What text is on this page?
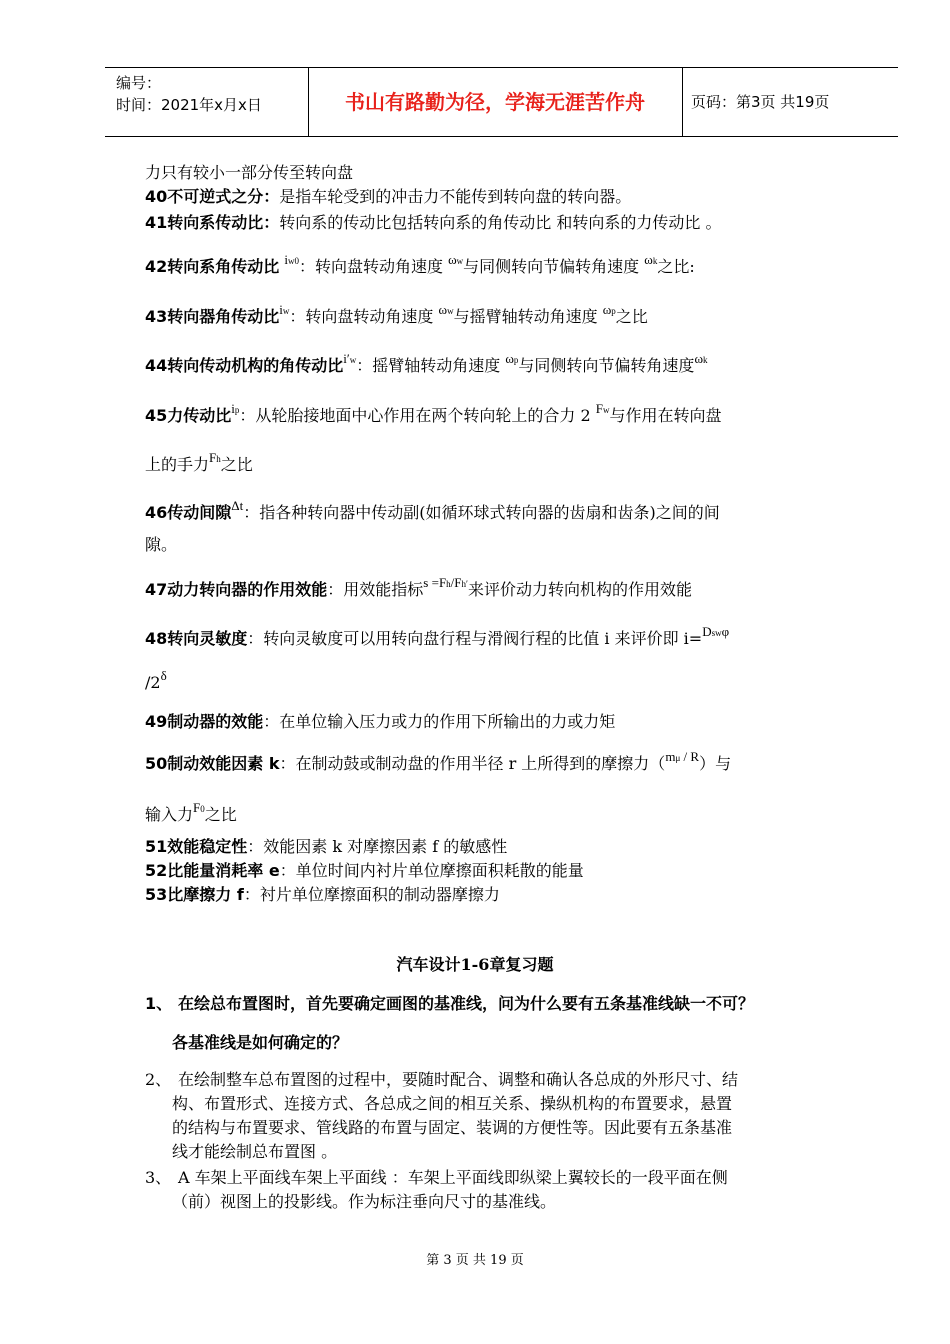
编号：
时间：2021年x月x日	书山有路勤为径，学海无涯苦作舟	页码：第3页 共19页
力只有较小一部分传至转向盘
40不可逆式之分：是指车轮受到的冲击力不能传到转向盘的转向器。
41转向系传动比：转向系的传动比包括转向系的角传动比 和转向系的力传动比 。
42转向系角传动比 $^{iw0}$：转向盘转动角速度 $^{\omega w}$与同侧转向节偏转角速度 $^{\omega k}$之比:
43转向器角传动比$^{iw}$：转向盘转动角速度 $^{\omega w}$与摇臂轴转动角速度 $^{\omega p}$之比
44转向传动机构的角传动比$^{i'w}$：摇臂轴转动角速度 $^{\omega p}$与同侧转向节偏转角速度$^{\omega k}$
45力传动比$^{ip}$：从轮胎接地面中心作用在两个转向轮上的合力 2 $^{Fw}$与作用在转向盘
上的手力$^{Fh}$之比
46传动间隙$^{\Delta t}$：指各种转向器中传动副(如循环球式转向器的齿扇和齿条)之间的间
隙。
47动力转向器的作用效能：用效能指标$^{s =Fh/Fh'}$来评价动力转向机构的作用效能
48转向灵敏度：转向灵敏度可以用转向盘行程与滑阀行程的比值 i 来评价即 i=$^{Dsw\varphi}$
$/2^\delta$
49制动器的效能：在单位输入压力或力的作用下所输出的力或力矩
50制动效能因素 k：在制动鼓或制动盘的作用半径 r 上所得到的摩擦力（$^{m\mu / R}$）与
输入力$^{F0}$之比
51效能稳定性：效能因素 k 对摩擦因素 f 的敏感性
52比能量消耗率 e：单位时间内衬片单位摩擦面积耗散的能量
53比摩擦力 f：衬片单位摩擦面积的制动器摩擦力
汽车设计1-6章复习题
1、 在绘总布置图时，首先要确定画图的基准线，问为什么要有五条基准线缺一不可？
各基准线是如何确定的？
2、 在绘制整车总布置图的过程中，要随时配合、调整和确认各总成的外形尺寸、结
构、布置形式、连接方式、各总成之间的相互关系、操纵机构的布置要求，悬置
的结构与布置要求、管线路的布置与固定、装调的方便性等。因此要有五条基准
线才能绘制总布置图 。
3、 A 车架上平面线车架上平面线 ：车架上平面线即纵梁上翼较长的一段平面在侧
（前）视图上的投影线。作为标注垂向尺寸的基准线。
第 3 页 共 19 页
